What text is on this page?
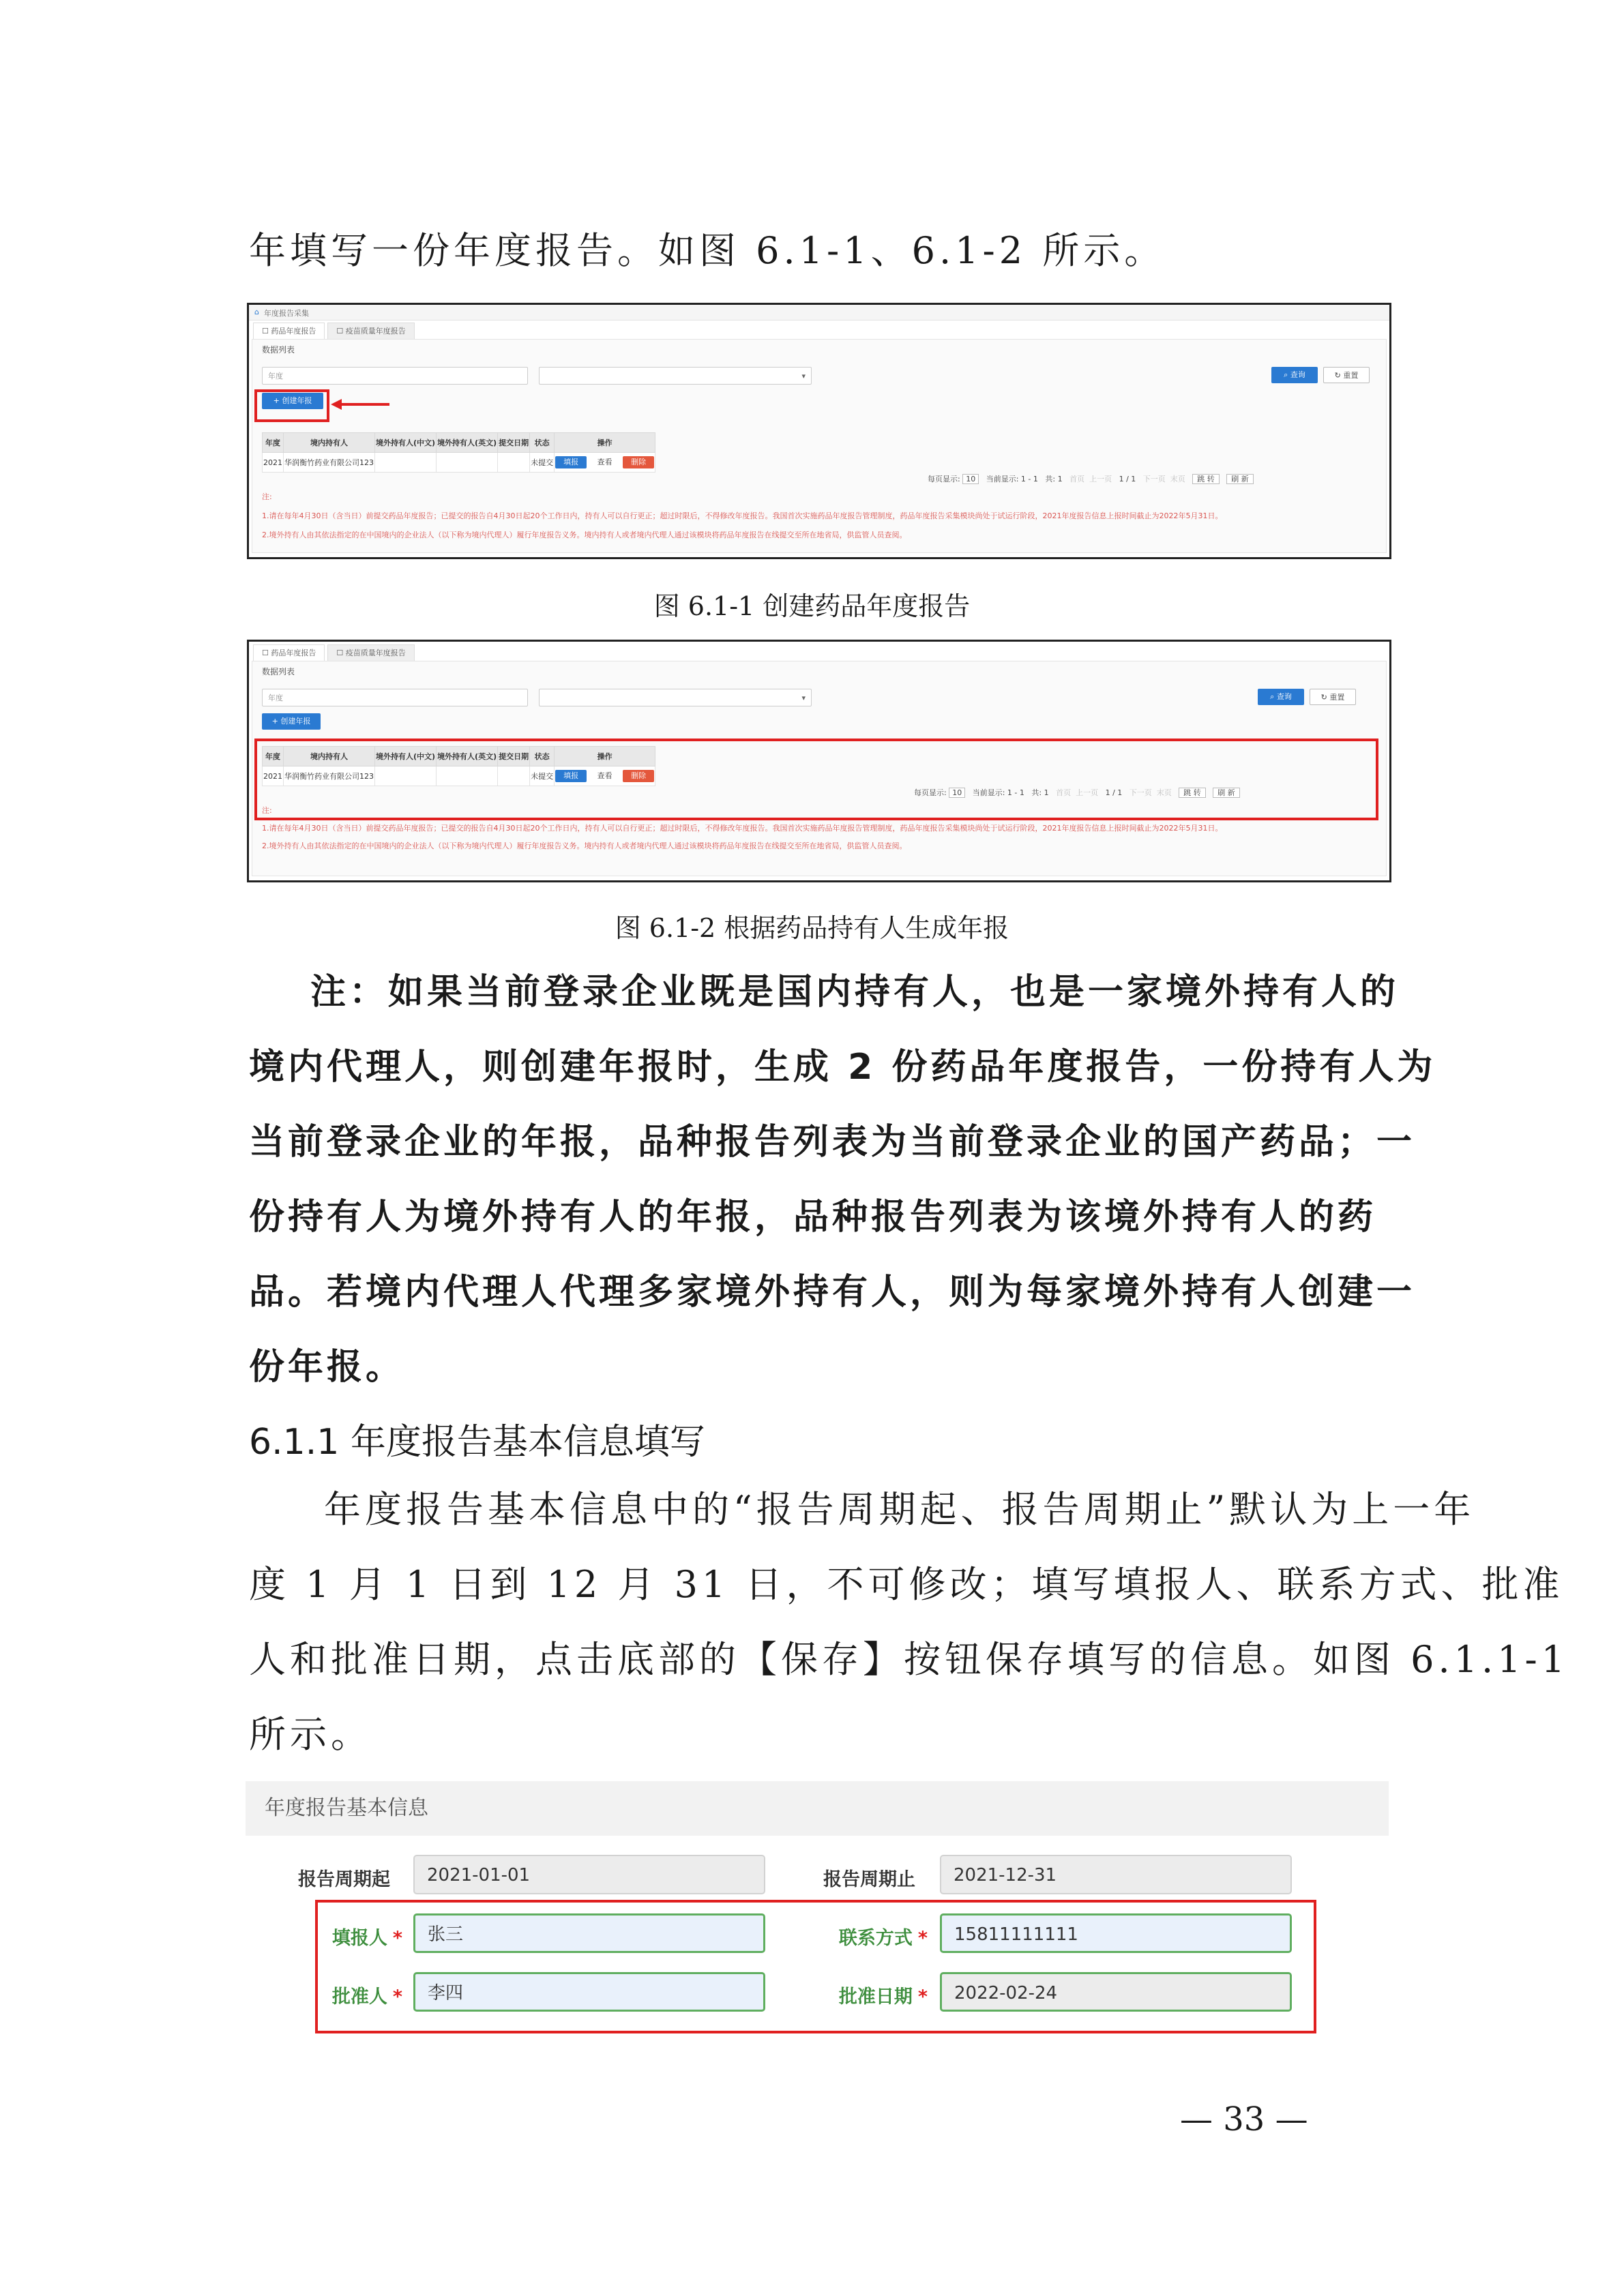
年填写一份年度报告。如图 6.1-1、6.1-2 所示。
⌂ 年度报告采集
☐ 药品年度报告	☐ 疫苗质量年度报告
数据列表
年度	▾	⌕ 查询	↻ 重置
+ 创建年报
年度	境内持有人	境外持有人(中文)	境外持有人(英文)	提交日期	状态	操作
2021	华润衡竹药业有限公司123				未提交	填报 查看 删除
每页显示: 10 当前显示: 1 - 1 共: 1 首页 上一页 1 / 1 下一页 末页 跳 转 刷 新
注:
1.请在每年4月30日（含当日）前提交药品年度报告；已提交的报告自4月30日起20个工作日内，持有人可以自行更正；超过时限后，不得修改年度报告。我国首次实施药品年度报告管理制度，药品年度报告采集模块尚处于试运行阶段，2021年度报告信息上报时间截止为2022年5月31日。
2.境外持有人由其依法指定的在中国境内的企业法人（以下称为境内代理人）履行年度报告义务。境内持有人或者境内代理人通过该模块将药品年度报告在线提交至所在地省局，供监管人员查阅。
图 6.1-1 创建药品年度报告
☐ 药品年度报告	☐ 疫苗质量年度报告
数据列表
年度	▾	⌕ 查询	↻ 重置
+ 创建年报
年度	境内持有人	境外持有人(中文)	境外持有人(英文)	提交日期	状态	操作
2021	华润衡竹药业有限公司123				未提交	填报 查看 删除
每页显示: 10 当前显示: 1 - 1 共: 1 首页 上一页 1 / 1 下一页 末页 跳 转 刷 新
注:
1.请在每年4月30日（含当日）前提交药品年度报告；已提交的报告自4月30日起20个工作日内，持有人可以自行更正；超过时限后，不得修改年度报告。我国首次实施药品年度报告管理制度，药品年度报告采集模块尚处于试运行阶段，2021年度报告信息上报时间截止为2022年5月31日。
2.境外持有人由其依法指定的在中国境内的企业法人（以下称为境内代理人）履行年度报告义务。境内持有人或者境内代理人通过该模块将药品年度报告在线提交至所在地省局，供监管人员查阅。
图 6.1-2 根据药品持有人生成年报
注：如果当前登录企业既是国内持有人，也是一家境外持有人的
境内代理人，则创建年报时，生成 2 份药品年度报告，一份持有人为
当前登录企业的年报，品种报告列表为当前登录企业的国产药品；一
份持有人为境外持有人的年报，品种报告列表为该境外持有人的药
品。若境内代理人代理多家境外持有人，则为每家境外持有人创建一
份年报。
6.1.1 年度报告基本信息填写
年度报告基本信息中的“报告周期起、报告周期止”默认为上一年
度 1 月 1 日到 12 月 31 日，不可修改；填写填报人、联系方式、批准
人和批准日期，点击底部的【保存】按钮保存填写的信息。如图 6.1.1-1
所示。
年度报告基本信息
报告周期起	2021-01-01	报告周期止	2021-12-31
填报人 *	张三	联系方式 *	15811111111
批准人 *	李四	批准日期 *	2022-02-24
— 33 —
